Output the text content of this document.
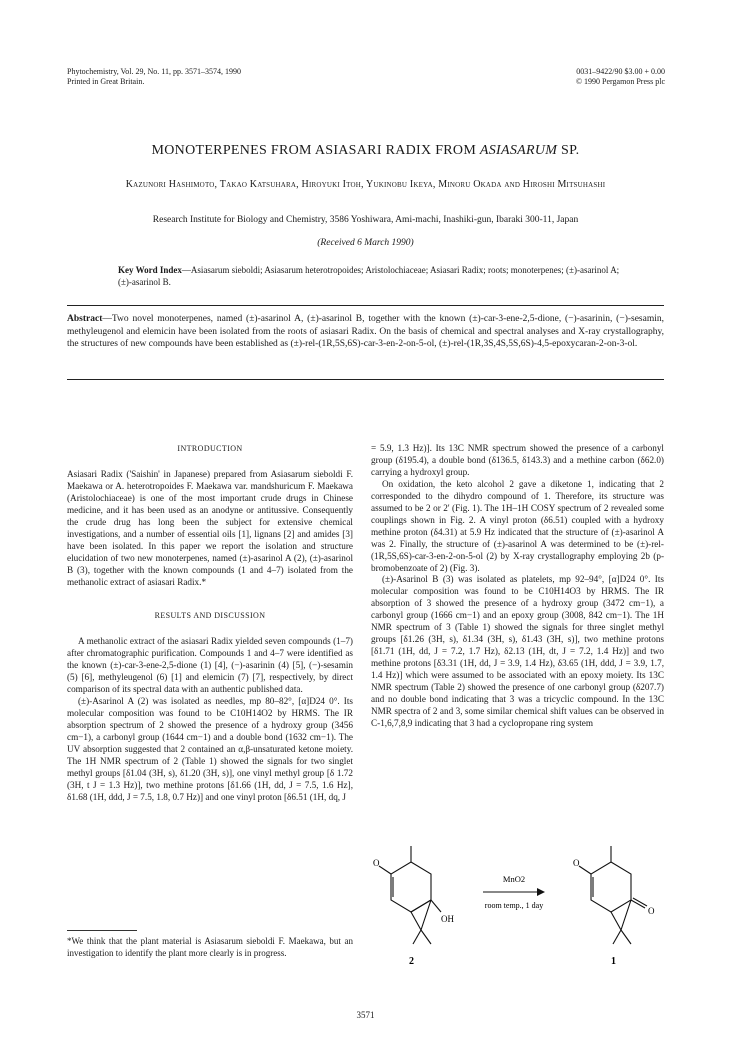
Phytochemistry, Vol. 29, No. 11, pp. 3571–3574, 1990
Printed in Great Britain.
0031–9422/90 $3.00 + 0.00
© 1990 Pergamon Press plc
MONOTERPENES FROM ASIASARI RADIX FROM ASIASARUM SP.
Kazunori Hashimoto, Takao Katsuhara, Hiroyuki Itoh, Yukinobu Ikeya, Minoru Okada and Hiroshi Mitsuhashi
Research Institute for Biology and Chemistry, 3586 Yoshiwara, Ami-machi, Inashiki-gun, Ibaraki 300-11, Japan
(Received 6 March 1990)
Key Word Index—Asiasarum sieboldi; Asiasarum heterotropoides; Aristolochiaceae; Asiasari Radix; roots; monoterpenes; (±)-asarinol A; (±)-asarinol B.
Abstract—Two novel monoterpenes, named (±)-asarinol A, (±)-asarinol B, together with the known (±)-car-3-ene-2,5-dione, (−)-asarinin, (−)-sesamin, methyleugenol and elemicin have been isolated from the roots of asiasari Radix. On the basis of chemical and spectral analyses and X-ray crystallography, the structures of new compounds have been established as (±)-rel-(1R,5S,6S)-car-3-en-2-on-5-ol, (±)-rel-(1R,3S,4S,5S,6S)-4,5-epoxycaran-2-on-3-ol.

INTRODUCTION

Asiasari Radix ('Saishin' in Japanese) prepared from Asiasarum sieboldi F. Maekawa or A. heterotropoides F. Maekawa var. mandshuricum F. Maekawa (Aristolochiaceae) is one of the most important crude drugs in Chinese medicine, and it has been used as an anodyne or antitussive. Consequently the crude drug has long been the subject for extensive chemical investigations, and a number of essential oils [1], lignans [2] and amides [3] have been isolated. In this paper we report the isolation and structure elucidation of two new monoterpenes, named (±)-asarinol A (2), (±)-asarinol B (3), together with the known compounds (1 and 4–7) isolated from the methanolic extract of asiasari Radix.*

RESULTS AND DISCUSSION

A methanolic extract of the asiasari Radix yielded seven compounds (1–7) after chromatographic purification. Compounds 1 and 4–7 were identified as the known (±)-car-3-ene-2,5-dione (1) [4], (−)-asarinin (4) [5], (−)-sesamin (5) [6], methyleugenol (6) [1] and elemicin (7) [7], respectively, by direct comparison of its spectral data with an authentic published data.

(±)-Asarinol A (2) was isolated as needles, mp 80–82°, [α]D24 0°. Its molecular composition was found to be C10H14O2 by HRMS. The IR absorption spectrum of 2 showed the presence of a hydroxy group (3456 cm−1), a carbonyl group (1644 cm−1) and a double bond (1632 cm−1). The UV absorption suggested that 2 contained an α,β-unsaturated ketone moiety. The 1H NMR spectrum of 2 (Table 1) showed the signals for two singlet methyl groups [δ1.04 (3H, s), δ1.20 (3H, s)], one vinyl methyl group [δ 1.72 (3H, t J = 1.3 Hz)], two methine protons [δ1.66 (1H, dd, J = 7.5, 1.6 Hz], δ1.68 (1H, ddd, J = 7.5, 1.8, 0.7 Hz)] and one vinyl proton [δ6.51 (1H, dq, J

*We think that the plant material is Asiasarum sieboldi F. Maekawa, but an investigation to identify the plant more clearly is in progress.

= 5.9, 1.3 Hz)]. Its 13C NMR spectrum showed the presence of a carbonyl group (δ195.4), a double bond (δ136.5, δ143.3) and a methine carbon (δ62.0) carrying a hydroxyl group.

On oxidation, the keto alcohol 2 gave a diketone 1, indicating that 2 corresponded to the dihydro compound of 1. Therefore, its structure was assumed to be 2 or 2' (Fig. 1). The 1H–1H COSY spectrum of 2 revealed some couplings shown in Fig. 2. A vinyl proton (δ6.51) coupled with a hydroxy methine proton (δ4.31) at 5.9 Hz indicated that the structure of (±)-asarinol A was 2. Finally, the structure of (±)-asarinol A was determined to be (±)-rel-(1R,5S,6S)-car-3-en-2-on-5-ol (2) by X-ray crystallography employing 2b (p-bromobenzoate of 2) (Fig. 3).

(±)-Asarinol B (3) was isolated as platelets, mp 92–94°, [α]D24 0°. Its molecular composition was found to be C10H14O3 by HRMS. The IR absorption of 3 showed the presence of a hydroxy group (3472 cm−1), a carbonyl group (1666 cm−1) and an epoxy group (3008, 842 cm−1). The 1H NMR spectrum of 3 (Table 1) showed the signals for three singlet methyl groups [δ1.26 (3H, s), δ1.34 (3H, s), δ1.43 (3H, s)], two methine protons [δ1.71 (1H, dd, J = 7.2, 1.7 Hz), δ2.13 (1H, dt, J = 7.2, 1.4 Hz)] and two methine protons [δ3.31 (1H, dd, J = 3.9, 1.4 Hz), δ3.65 (1H, ddd, J = 3.9, 1.7, 1.4 Hz)] which were assumed to be associated with an epoxy moiety. Its 13C NMR spectrum (Table 2) showed the presence of one carbonyl group (δ207.7) and no double bond indicating that 3 was a tricyclic compound. In the 13C NMR spectra of 2 and 3, some similar chemical shift values can be observed in C-1,6,7,8,9 indicating that 3 had a cyclopropane ring system

O
OH
2
MnO2
room temp., 1 day
O
O
1
3571
